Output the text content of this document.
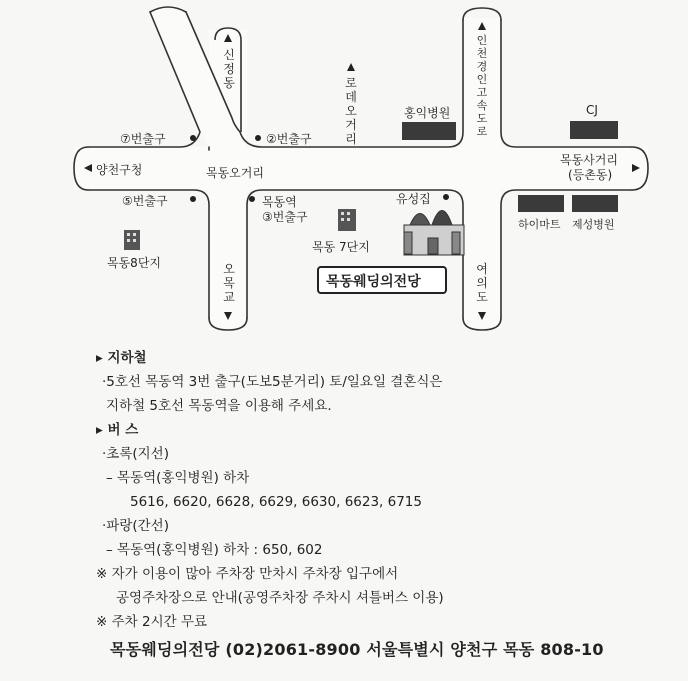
신정동	로데오거리
인천경인고속도로
양천구청	목동오거리
목동사거리
(등촌동)
오목교
여의도
⑦번출구	②번출구
⑤번출구	목동역
③번출구
홍익병원	CJ
유성집
하이마트 제성병원
목동8단지
목동 7단지
목동웨딩의전당
▸ 지하철
·5호선 목동역 3번 출구(도보5분거리) 토/일요일 결혼식은
지하철 5호선 목동역을 이용해 주세요.
▸ 버 스
·초록(지선)
– 목동역(홍익병원) 하차
5616, 6620, 6628, 6629, 6630, 6623, 6715
·파랑(간선)
– 목동역(홍익병원) 하차 : 650, 602
※ 자가 이용이 많아 주차장 만차시 주차장 입구에서
공영주차장으로 안내(공영주차장 주차시 셔틀버스 이용)
※ 주차 2시간 무료
목동웨딩의전당 (02)2061-8900 서울특별시 양천구 목동 808-10
